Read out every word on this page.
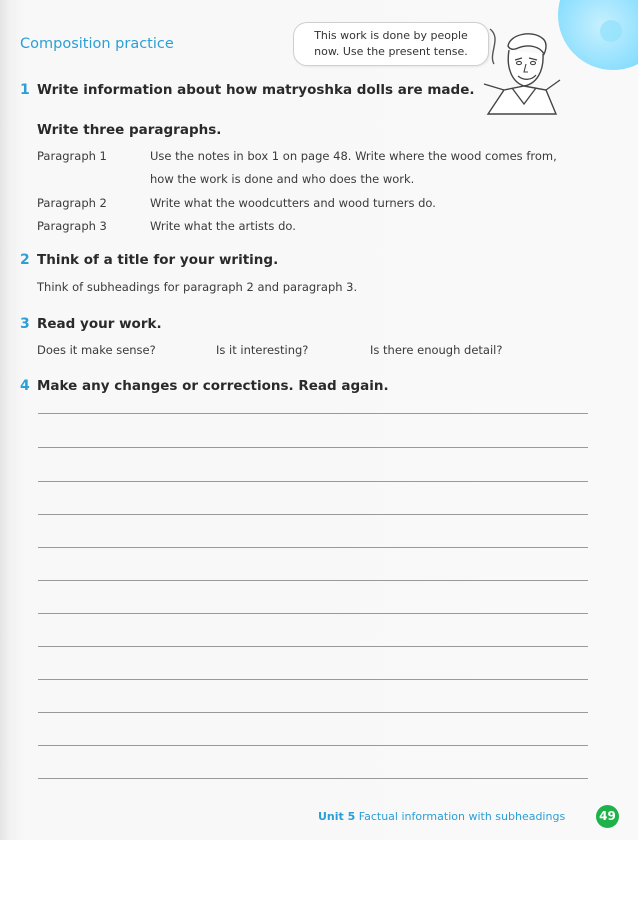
Composition practice
This work is done by people
now. Use the present tense.
1 Write information about how matryoshka dolls are made.
Write three paragraphs.
Paragraph 1	Use the notes in box 1 on page 48. Write where the wood comes from,
how the work is done and who does the work.
Paragraph 2	Write what the woodcutters and wood turners do.
Paragraph 3	Write what the artists do.
2 Think of a title for your writing.
Think of subheadings for paragraph 2 and paragraph 3.
3 Read your work.
Does it make sense?	Is it interesting?	Is there enough detail?
4 Make any changes or corrections. Read again.
Unit 5 Factual information with subheadings	49
